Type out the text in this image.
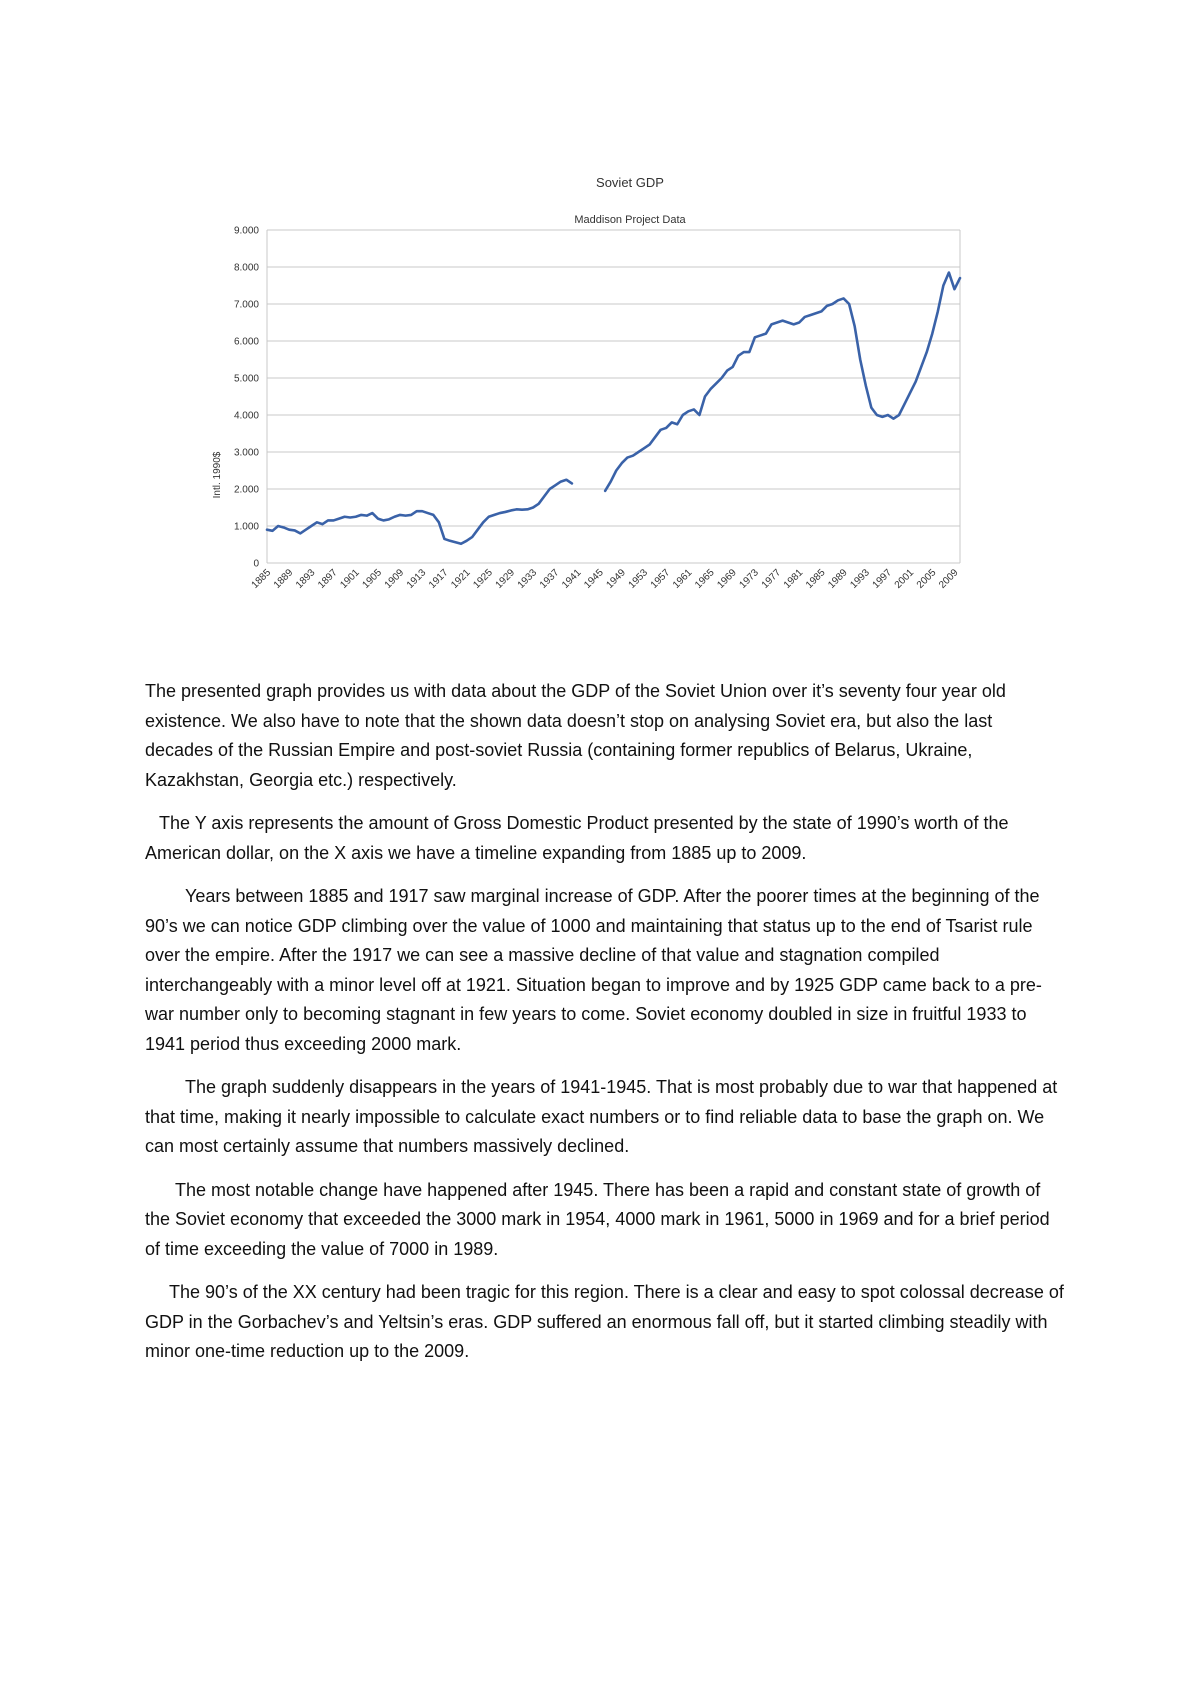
Soviet GDP
Maddison Project Data
Intl. 1990$
0
1.000
2.000
3.000
4.000
5.000
6.000
7.000
8.000
9.000
1885
1889
1893
1897
1901
1905
1909
1913
1917
1921
1925
1929
1933
1937
1941
1945
1949
1953
1957
1961
1965
1969
1973
1977
1981
1985
1989
1993
1997
2001
2005
2009

The presented graph provides us with data about the GDP of the Soviet Union over it’s seventy four year old existence. We also have to note that the shown data doesn’t stop on analysing Soviet era, but also the last decades of the Russian Empire and post-soviet Russia (containing former republics of Belarus, Ukraine, Kazakhstan, Georgia etc.) respectively.

The Y axis represents the amount of Gross Domestic Product presented by the state of 1990’s worth of the American dollar, on the X axis we have a timeline expanding from 1885 up to 2009.

Years between 1885 and 1917 saw marginal increase of GDP. After the poorer times at the beginning of the 90’s we can notice GDP climbing over the value of 1000 and maintaining that status up to the end of Tsarist rule over the empire. After the 1917 we can see a massive decline of that value and stagnation compiled interchangeably with a minor level off at 1921. Situation began to improve and by 1925 GDP came back to a pre-war number only to becoming stagnant in few years to come. Soviet economy doubled in size in fruitful 1933 to 1941 period thus exceeding 2000 mark.

The graph suddenly disappears in the years of 1941-1945. That is most probably due to war that happened at that time, making it nearly impossible to calculate exact numbers or to find reliable data to base the graph on. We can most certainly assume that numbers massively declined.

The most notable change have happened after 1945. There has been a rapid and constant state of growth of the Soviet economy that exceeded the 3000 mark in 1954, 4000 mark in 1961, 5000 in 1969 and for a brief period of time exceeding the value of 7000 in 1989.

The 90’s of the XX century had been tragic for this region. There is a clear and easy to spot colossal decrease of GDP in the Gorbachev’s and Yeltsin’s eras. GDP suffered an enormous fall off, but it started climbing steadily with minor one-time reduction up to the 2009.
